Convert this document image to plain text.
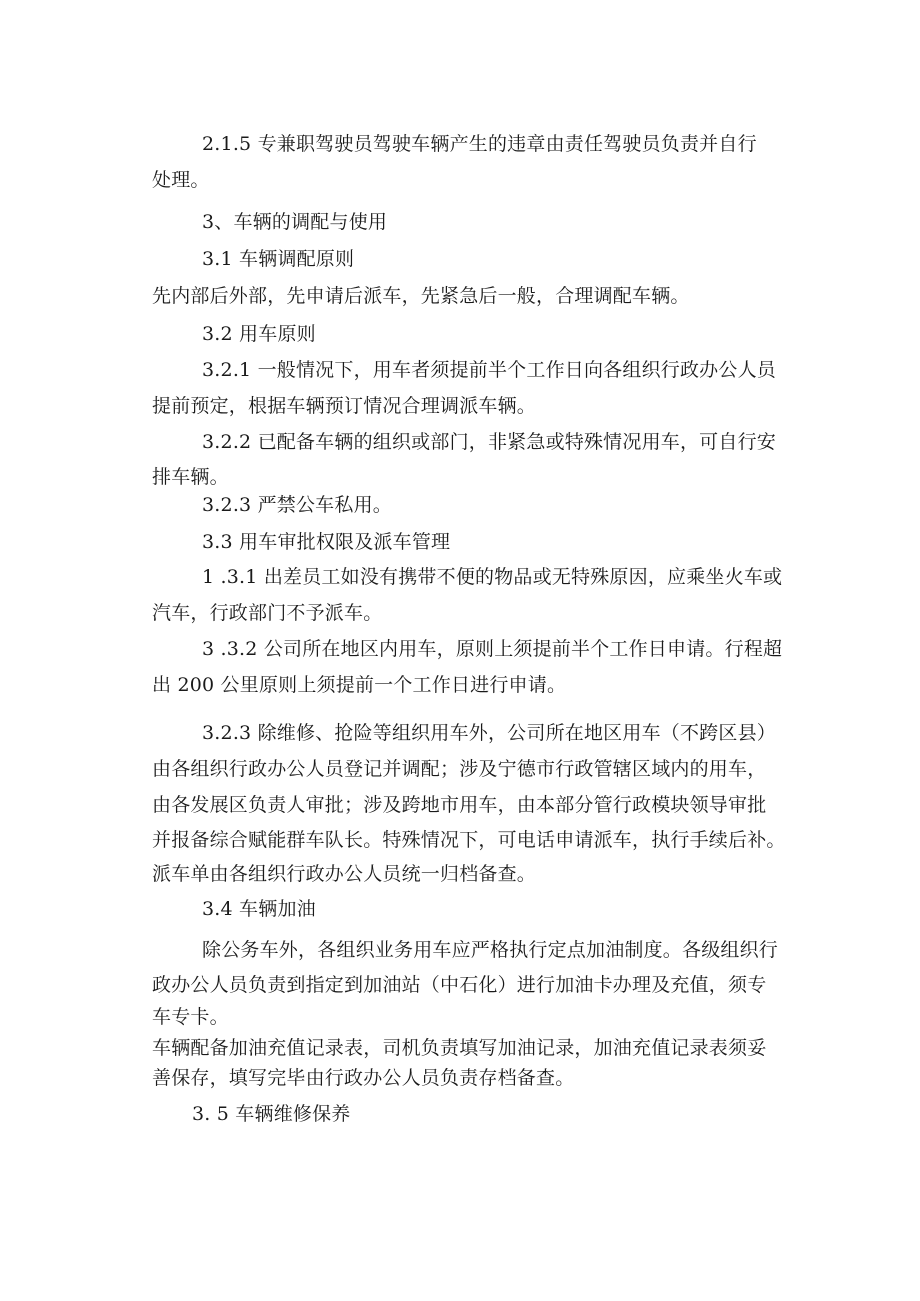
2.1.5 专兼职驾驶员驾驶车辆产生的违章由责任驾驶员负责并自行

处理。

3、车辆的调配与使用

3.1 车辆调配原则

先内部后外部，先申请后派车，先紧急后一般，合理调配车辆。

3.2 用车原则

3.2.1 一般情况下，用车者须提前半个工作日向各组织行政办公人员

提前预定，根据车辆预订情况合理调派车辆。

3.2.2 已配备车辆的组织或部门，非紧急或特殊情况用车，可自行安

排车辆。

3.2.3 严禁公车私用。

3.3 用车审批权限及派车管理

1 .3.1 出差员工如没有携带不便的物品或无特殊原因，应乘坐火车或

汽车，行政部门不予派车。

3 .3.2 公司所在地区内用车，原则上须提前半个工作日申请。行程超

出 200 公里原则上须提前一个工作日进行申请。

3.2.3 除维修、抢险等组织用车外，公司所在地区用车（不跨区县）

由各组织行政办公人员登记并调配；涉及宁德市行政管辖区域内的用车，

由各发展区负责人审批；涉及跨地市用车，由本部分管行政模块领导审批

并报备综合赋能群车队长。特殊情况下，可电话申请派车，执行手续后补。

派车单由各组织行政办公人员统一归档备查。

3.4 车辆加油

除公务车外，各组织业务用车应严格执行定点加油制度。各级组织行

政办公人员负责到指定到加油站（中石化）进行加油卡办理及充值，须专

车专卡。

车辆配备加油充值记录表，司机负责填写加油记录，加油充值记录表须妥

善保存，填写完毕由行政办公人员负责存档备查。

3. 5 车辆维修保养
